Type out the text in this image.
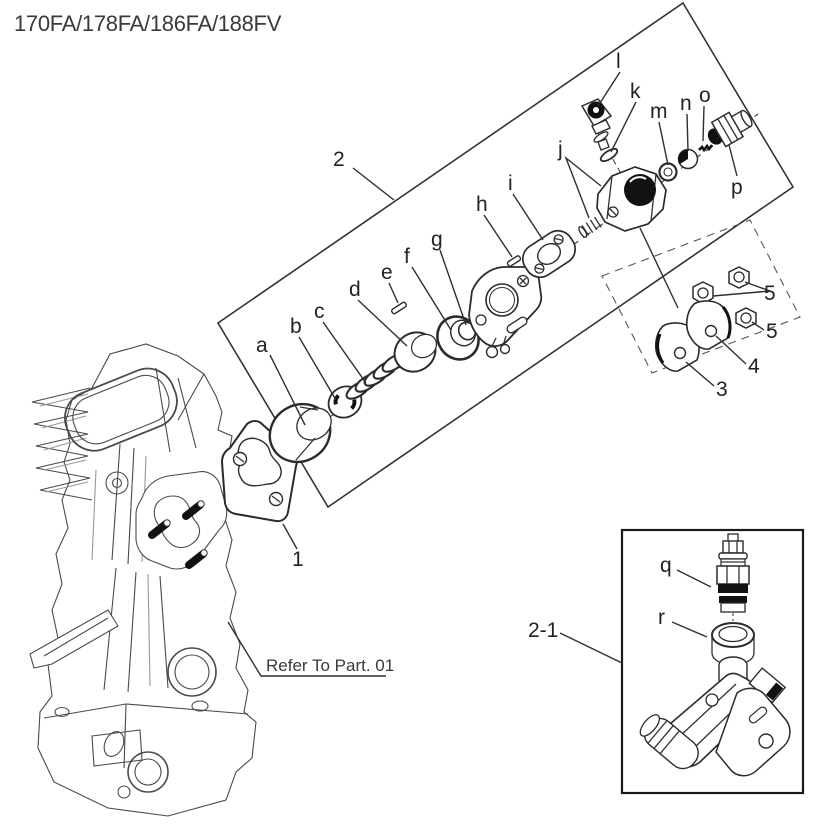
170FA/178FA/186FA/188FV
Refer To Part. 01
2
1
2-1
q
r
a
b
c
d
e
f
g
h
i
j
l
k
m n o
p
5
5
4
3
